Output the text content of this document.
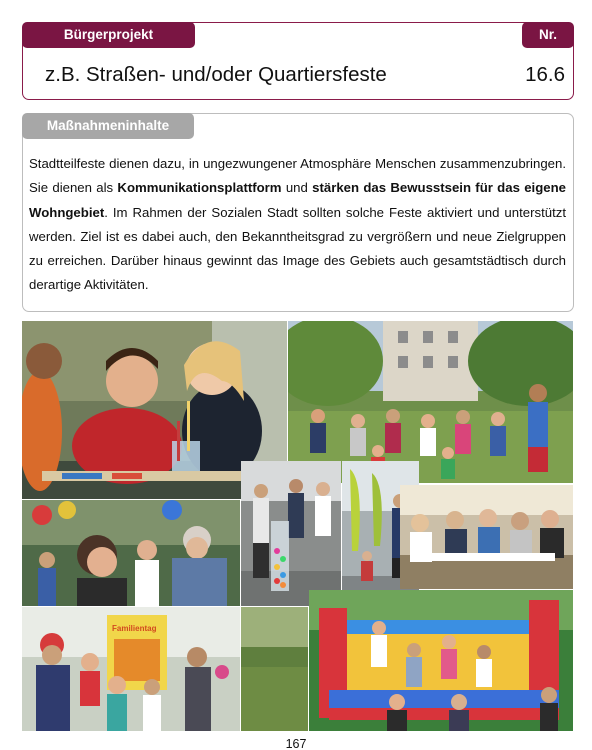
Bürgerprojekt	Nr.
z.B. Straßen- und/oder Quartiersfeste	16.6
Maßnahmeninhalte

Stadtteilfeste dienen dazu, in ungezwungener Atmosphäre Menschen zusammenzubringen. Sie dienen als Kommunikationsplattform und stärken das Bewusstsein für das eigene Wohngebiet. Im Rahmen der Sozialen Stadt sollten solche Feste aktiviert und unterstützt werden. Ziel ist es dabei auch, den Bekanntheitsgrad zu vergrößern und neue Zielgruppen zu erreichen. Darüber hinaus gewinnt das Image des Gebiets auch gesamtstädtisch durch derartige Aktivitäten.

Familientag
167
